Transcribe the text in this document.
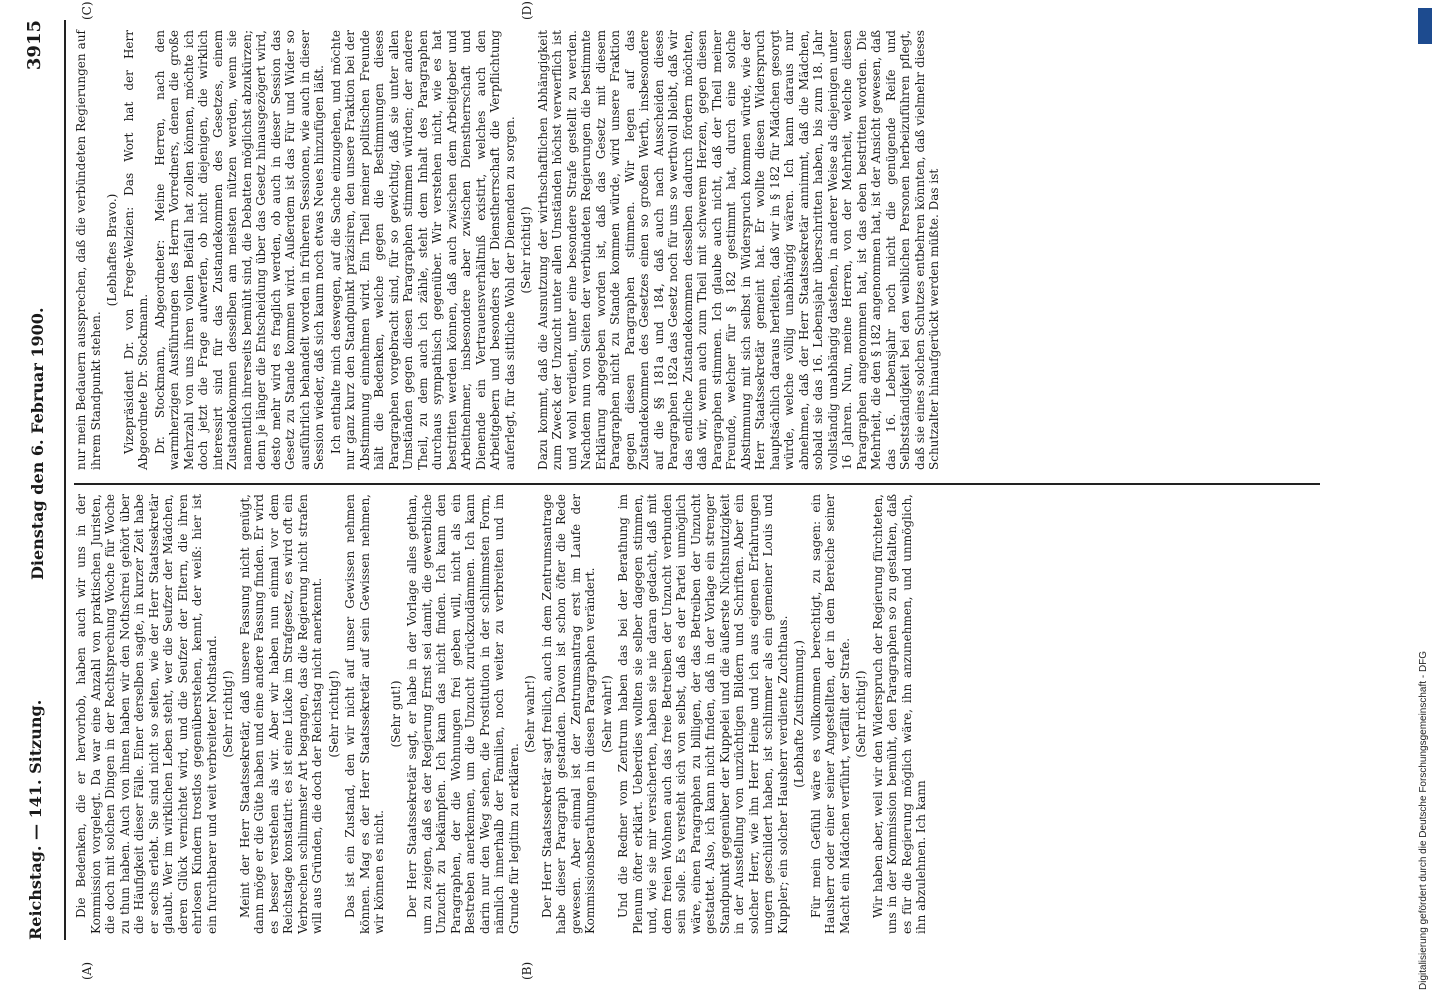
Reichstag. — 141. Sitzung.
Dienstag den 6. Februar 1900.
3915
(A)	(B)
(C)	(D)

Die Bedenken, die er hervorhob, haben auch wir uns in der Kommission vorgelegt. Da war eine Anzahl von praktischen Juristen, die doch mit solchen Dingen in der Rechtsprechung Woche für Woche zu thun haben. Auch von ihnen haben wir den Nothschrei gehört über die Häufigkeit dieser Fälle. Einer derselben sagte, in kurzer Zeit habe er sechs erlebt. Sie sind nicht so selten, wie der Herr Staatssekretär glaubt. Wer im wirklichen Leben steht, wer die Seufzer der Mädchen, deren Glück vernichtet wird, und die Seufzer der Eltern, die ihren ehrlosen Kindern trostlos gegenüberstehen, kennt, der weiß: hier ist ein furchtbarer und weit verbreiteter Nothstand. (Sehr richtig!) Meint der Herr Staatssekretär, daß unsere Fassung nicht genügt, dann möge er die Güte haben und eine andere Fassung finden. Er wird es besser verstehen als wir. Aber wir haben nun einmal vor dem Reichstage konstatirt: es ist eine Lücke im Strafgesetz, es wird oft ein Verbrechen schlimmster Art begangen, das die Regierung nicht strafen will aus Gründen, die doch der Reichstag nicht anerkennt. (Sehr richtig!) Das ist ein Zustand, den wir nicht auf unser Gewissen nehmen können. Mag es der Herr Staatssekretär auf sein Gewissen nehmen, wir können es nicht.

(Sehr gut!) Der Herr Staatssekretär sagt, er habe in der Vorlage alles gethan, um zu zeigen, daß es der Regierung Ernst sei damit, die gewerbliche Unzucht zu bekämpfen. Ich kann das nicht finden. Ich kann den Paragraphen, der die Wohnungen frei geben will, nicht als ein Bestreben anerkennen, um die Unzucht zurückzudämmen. Ich kann darin nur den Weg sehen, die Prostitution in der schlimmsten Form, nämlich innerhalb der Familien, noch weiter zu verbreiten und im Grunde für legitim zu erklären.

(Sehr wahr!) Der Herr Staatssekretär sagt freilich, auch in dem Zentrumsantrage habe dieser Paragraph gestanden. Davon ist schon öfter die Rede gewesen. Aber einmal ist der Zentrumsantrag erst im Laufe der Kommissionsberathungen in diesen Paragraphen verändert. (Sehr wahr!) Und die Redner vom Zentrum haben das bei der Berathung im Plenum öfter erklärt. Ueberdies wollten sie selber dagegen stimmen, und, wie sie mir versicherten, haben sie nie daran gedacht, daß mit dem freien Wohnen auch das freie Betreiben der Unzucht verbunden sein solle. Es versteht sich von selbst, daß es der Partei unmöglich wäre, einen Paragraphen zu billigen, der das Betreiben der Unzucht gestattet. Also, ich kann nicht finden, daß in der Vorlage ein strenger Standpunkt gegenüber der Kuppelei und die äußerste Nichtsnutzigkeit in der Ausstellung von unzüchtigen Bildern und Schriften. Aber ein solcher Herr, wie ihn Herr Heine und ich aus eigenen Erfahrungen ungern geschildert haben, ist schlimmer als ein gemeiner Louis und Kuppler; ein solcher Hausherr verdiente Zuchthaus. (Lebhafte Zustimmung.) Für mein Gefühl wäre es vollkommen berechtigt, zu sagen: ein Hausherr oder einer seiner Angestellten, der in dem Bereiche seiner Macht ein Mädchen verführt, verfällt der Strafe. (Sehr richtig!) Wir haben aber, weil wir den Widerspruch der Regierung fürchteten, uns in der Kommission bemüht, den Paragraphen so zu gestalten, daß es für die Regierung möglich wäre, ihn anzunehmen, und unmöglich, ihn abzulehnen. Ich kann

nur mein Bedauern aussprechen, daß die verbündeten Regierungen auf ihrem Standpunkt stehen.

(Lebhaftes Bravo.) Vizepräsident Dr. von Frege-Welzien: Das Wort hat der Herr Abgeordnete Dr. Stockmann. Dr. Stockmann, Abgeordneter: Meine Herren, nach den warmherzigen Ausführungen des Herrn Vorredners, denen die große Mehrzahl von uns ihren vollen Beifall hat zollen können, möchte ich doch jetzt die Frage aufwerfen, ob nicht diejenigen, die wirklich interessirt sind für das Zustandekommen des Gesetzes, einem Zustandekommen desselben am meisten nützen werden, wenn sie namentlich ihrerseits bemüht sind, die Debatten möglichst abzukürzen; denn je länger die Entscheidung über das Gesetz hinausgezögert wird, desto mehr wird es fraglich werden, ob auch in dieser Session das Gesetz zu Stande kommen wird. Außerdem ist das Für und Wider so ausführlich behandelt worden in früheren Sessionen, wie auch in dieser Session wieder, daß sich kaum noch etwas Neues hinzufügen läßt. Ich enthalte mich deswegen, auf die Sache einzugehen, und möchte nur ganz kurz den Standpunkt präzisiren, den unsere Fraktion bei der Abstimmung einnehmen wird. Ein Theil meiner politischen Freunde hält die Bedenken, welche gegen die Bestimmungen dieses Paragraphen vorgebracht sind, für so gewichtig, daß sie unter allen Umständen gegen diesen Paragraphen stimmen würden; der andere Theil, zu dem auch ich zähle, steht dem Inhalt des Paragraphen durchaus sympathisch gegenüber. Wir verstehen nicht, wie es hat bestritten werden können, daß auch zwischen dem Arbeitgeber und Arbeitnehmer, insbesondere aber zwischen Dienstherrschaft und Dienende ein Vertrauensverhältniß existirt, welches auch den Arbeitgebern und besonders der Dienstherrschaft die Verpflichtung auferlegt, für das sittliche Wohl der Dienenden zu sorgen. (Sehr richtig!) Dazu kommt, daß die Ausnutzung der wirthschaftlichen Abhängigkeit zum Zweck der Unzucht unter allen Umständen höchst verwerflich ist und wohl verdient, unter eine besondere Strafe gestellt zu werden. Nachdem nun von Seiten der verbündeten Regierungen die bestimmte Erklärung abgegeben worden ist, daß das Gesetz mit diesem Paragraphen nicht zu Stande kommen würde, wird unsere Fraktion gegen diesen Paragraphen stimmen. Wir legen auf das Zustandekommen des Gesetzes einen so großen Werth, insbesondere auf die §§ 181a und 184, daß auch nach Ausscheiden dieses Paragraphen 182a das Gesetz noch für uns so werthvoll bleibt, daß wir das endliche Zustandekommen desselben dadurch fördern möchten, daß wir, wenn auch zum Theil mit schwerem Herzen, gegen diesen Paragraphen stimmen. Ich glaube auch nicht, daß der Theil meiner Freunde, welcher für § 182 gestimmt hat, durch eine solche Abstimmung mit sich selbst in Widerspruch kommen würde, wie der Herr Staatssekretär gemeint hat. Er wollte diesen Widerspruch hauptsächlich daraus herleiten, daß wir in § 182 für Mädchen gesorgt würde, welche völlig unabhängig wären. Ich kann daraus nur abnehmen, daß der Herr Staatssekretär annimmt, daß die Mädchen, sobald sie das 16. Lebensjahr überschritten haben, bis zum 18. Jahr vollständig unabhängig dastehen, in anderer Weise als diejenigen unter 16 Jahren. Nun, meine Herren, von der Mehrheit, welche diesen Paragraphen angenommen hat, ist das eben bestritten worden. Die Mehrheit, die den § 182 angenommen hat, ist der Ansicht gewesen, daß das 16. Lebensjahr noch nicht die genügende Reife und Selbstständigkeit bei den weiblichen Personen herbeizuführen pflegt, daß sie eines solchen Schutzes entbehren könnten, daß vielmehr dieses Schutzalter hinaufgerückt werden müßte. Das ist

Digitalisierung gefördert durch die Deutsche Forschungsgemeinschaft - DFG
